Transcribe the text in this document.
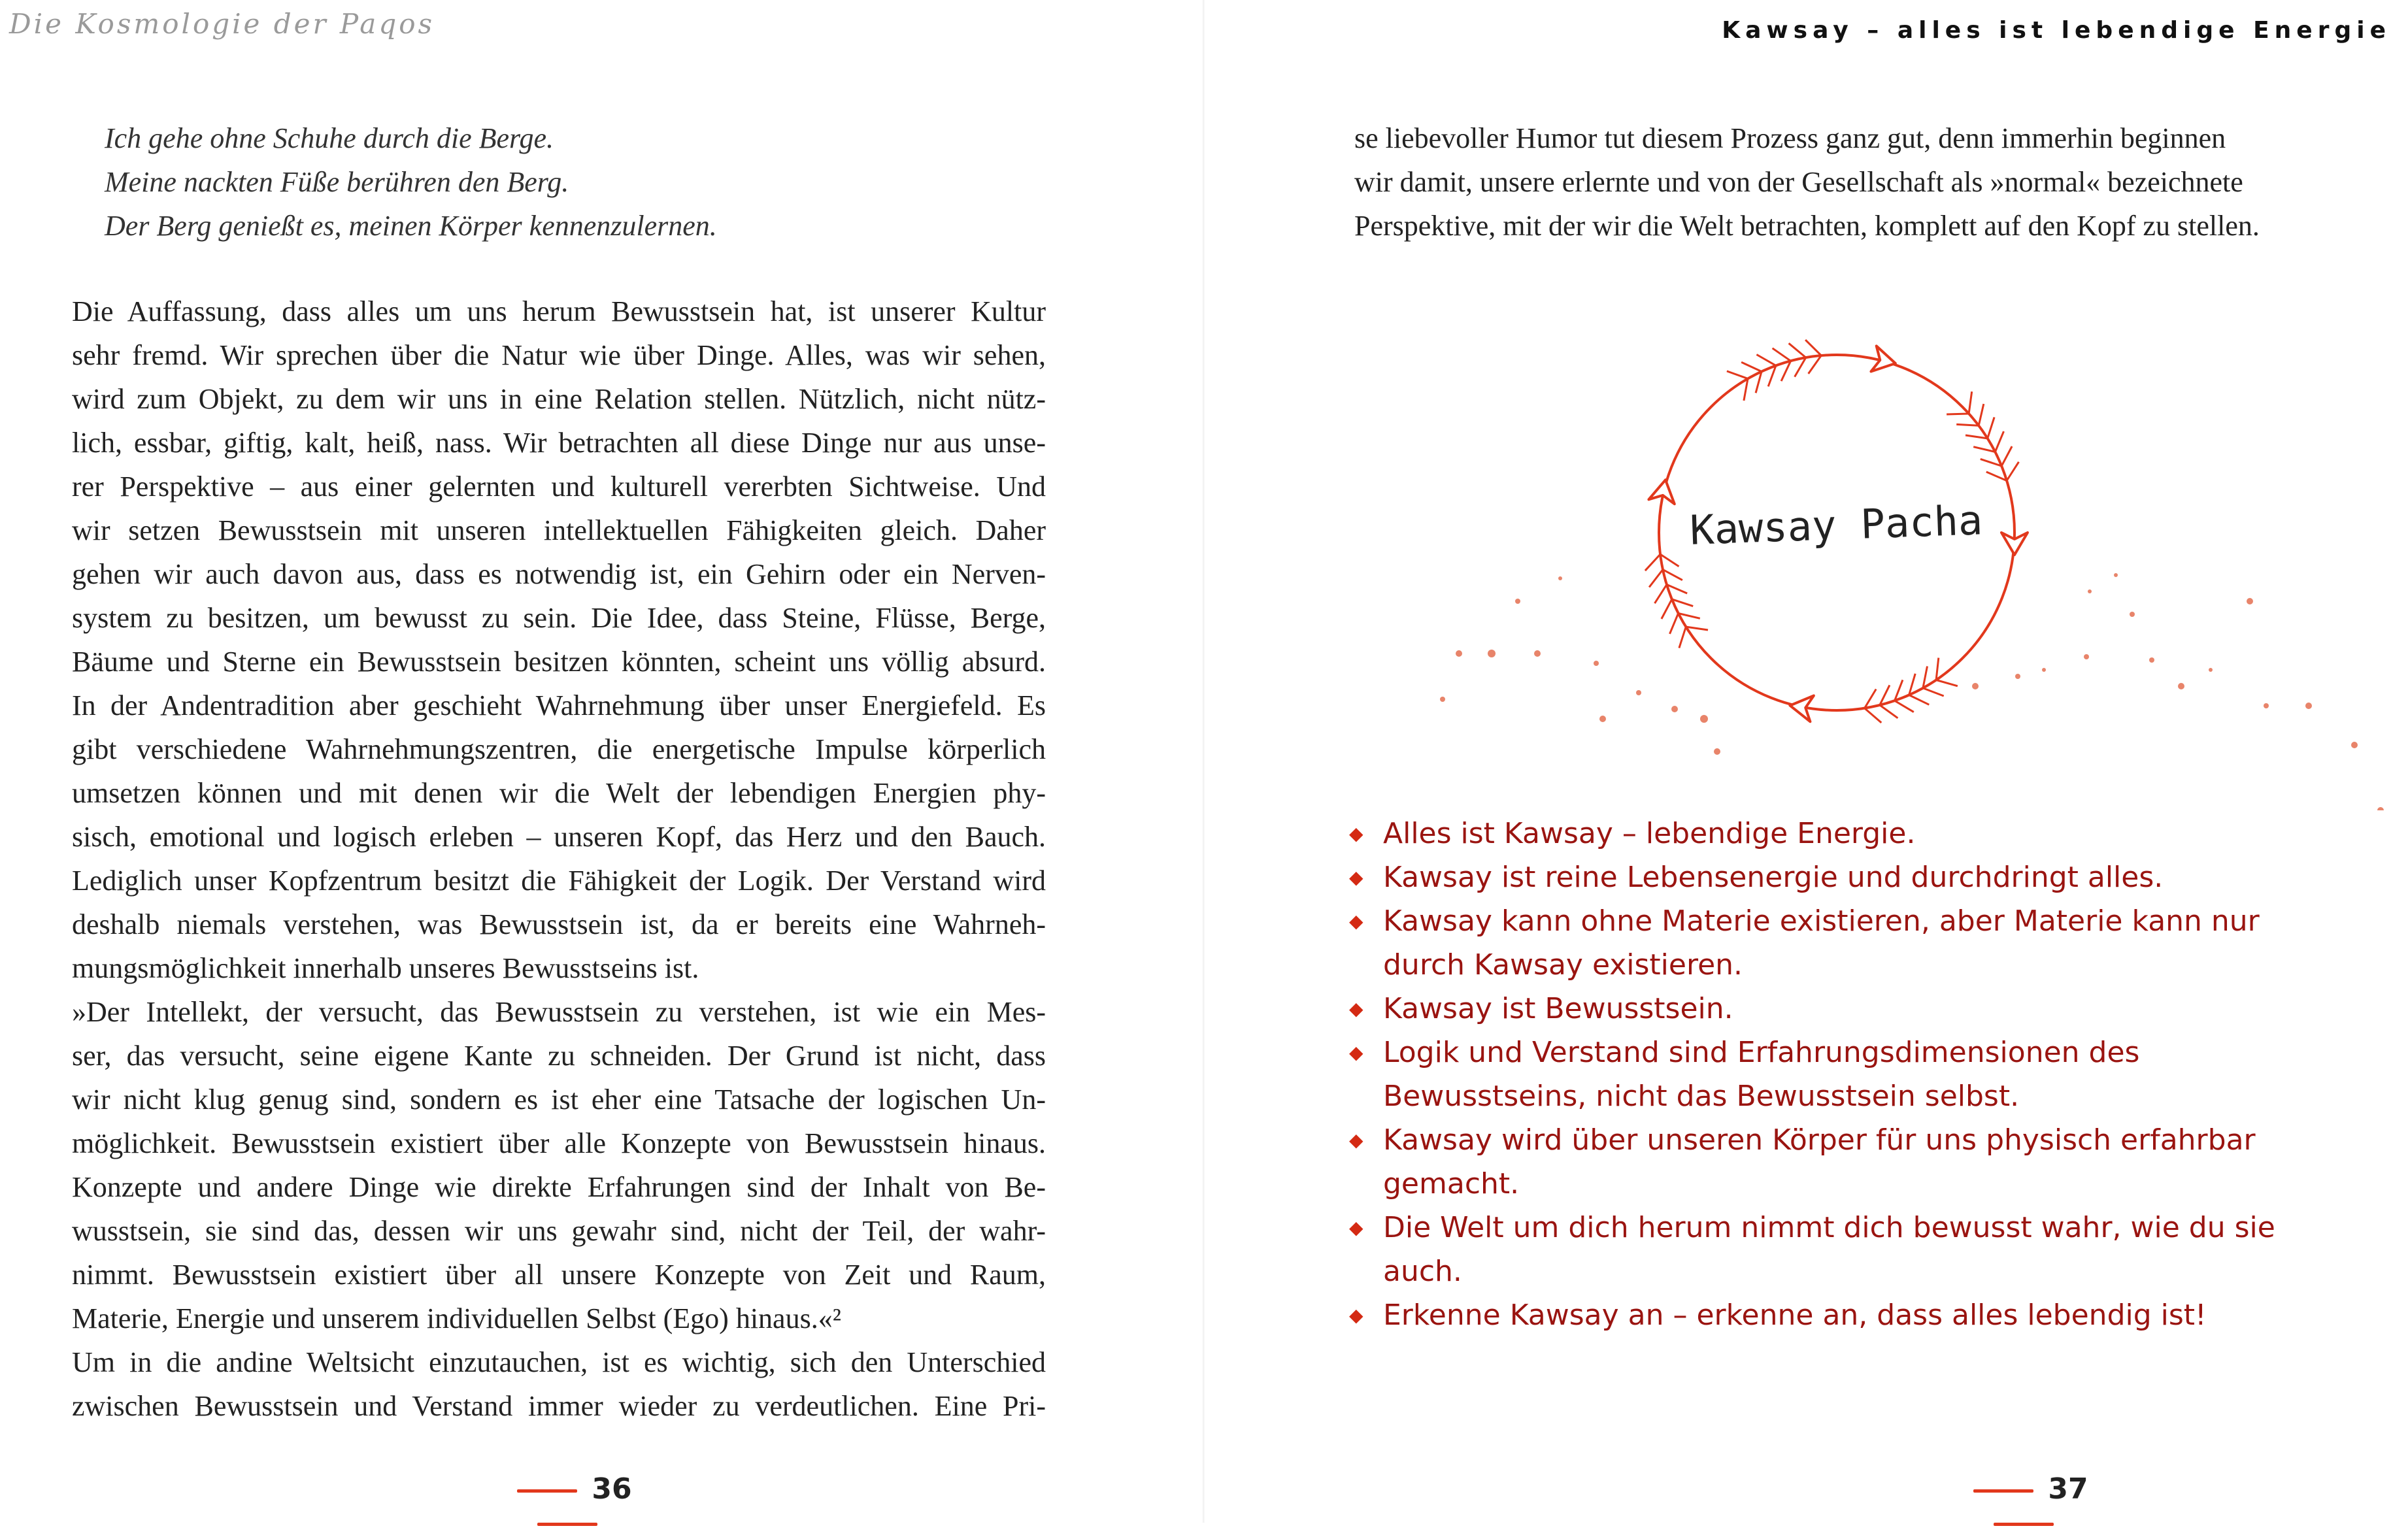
Die Kosmologie der Paqos
Ich gehe ohne Schuhe durch die Berge.
Meine nackten Füße berühren den Berg.
Der Berg genießt es, meinen Körper kennenzulernen.
Die Auffassung, dass alles um uns herum Bewusstsein hat, ist unserer Kultur
sehr fremd. Wir sprechen über die Natur wie über Dinge. Alles, was wir sehen,
wird zum Objekt, zu dem wir uns in eine Relation stellen. Nützlich, nicht nütz-
lich, essbar, giftig, kalt, heiß, nass. Wir betrachten all diese Dinge nur aus unse-
rer Perspektive – aus einer gelernten und kulturell vererbten Sichtweise. Und
wir setzen Bewusstsein mit unseren intellektuellen Fähigkeiten gleich. Daher
gehen wir auch davon aus, dass es notwendig ist, ein Gehirn oder ein Nerven-
system zu besitzen, um bewusst zu sein. Die Idee, dass Steine, Flüsse, Berge,
Bäume und Sterne ein Bewusstsein besitzen könnten, scheint uns völlig absurd.
In der Andentradition aber geschieht Wahrnehmung über unser Energiefeld. Es
gibt verschiedene Wahrnehmungszentren, die energetische Impulse körperlich
umsetzen können und mit denen wir die Welt der lebendigen Energien phy-
sisch, emotional und logisch erleben – unseren Kopf, das Herz und den Bauch.
Lediglich unser Kopfzentrum besitzt die Fähigkeit der Logik. Der Verstand wird
deshalb niemals verstehen, was Bewusstsein ist, da er bereits eine Wahrneh-
mungsmöglichkeit innerhalb unseres Bewusstseins ist.
»Der Intellekt, der versucht, das Bewusstsein zu verstehen, ist wie ein Mes-
ser, das versucht, seine eigene Kante zu schneiden. Der Grund ist nicht, dass
wir nicht klug genug sind, sondern es ist eher eine Tatsache der logischen Un-
möglichkeit. Bewusstsein existiert über alle Konzepte von Bewusstsein hinaus.
Konzepte und andere Dinge wie direkte Erfahrungen sind der Inhalt von Be-
wusstsein, sie sind das, dessen wir uns gewahr sind, nicht der Teil, der wahr-
nimmt. Bewusstsein existiert über all unsere Konzepte von Zeit und Raum,
Materie, Energie und unserem individuellen Selbst (Ego) hinaus.«²
Um in die andine Weltsicht einzutauchen, ist es wichtig, sich den Unterschied
zwischen Bewusstsein und Verstand immer wieder zu verdeutlichen. Eine Pri-
36
Kawsay – alles ist lebendige Energie
se liebevoller Humor tut diesem Prozess ganz gut, denn immerhin beginnen
wir damit, unsere erlernte und von der Gesellschaft als »normal« bezeichnete
Perspektive, mit der wir die Welt betrachten, komplett auf den Kopf zu stellen.
Kawsay Pacha
◆ Alles ist Kawsay – lebendige Energie.
◆ Kawsay ist reine Lebensenergie und durchdringt alles.
◆ Kawsay kann ohne Materie existieren, aber Materie kann nur durch Kawsay existieren.
◆ Kawsay ist Bewusstsein.
◆ Logik und Verstand sind Erfahrungsdimensionen des Bewusstseins, nicht das Bewusstsein selbst.
◆ Kawsay wird über unseren Körper für uns physisch erfahrbar gemacht.
◆ Die Welt um dich herum nimmt dich bewusst wahr, wie du sie auch.
◆ Erkenne Kawsay an – erkenne an, dass alles lebendig ist!
37
